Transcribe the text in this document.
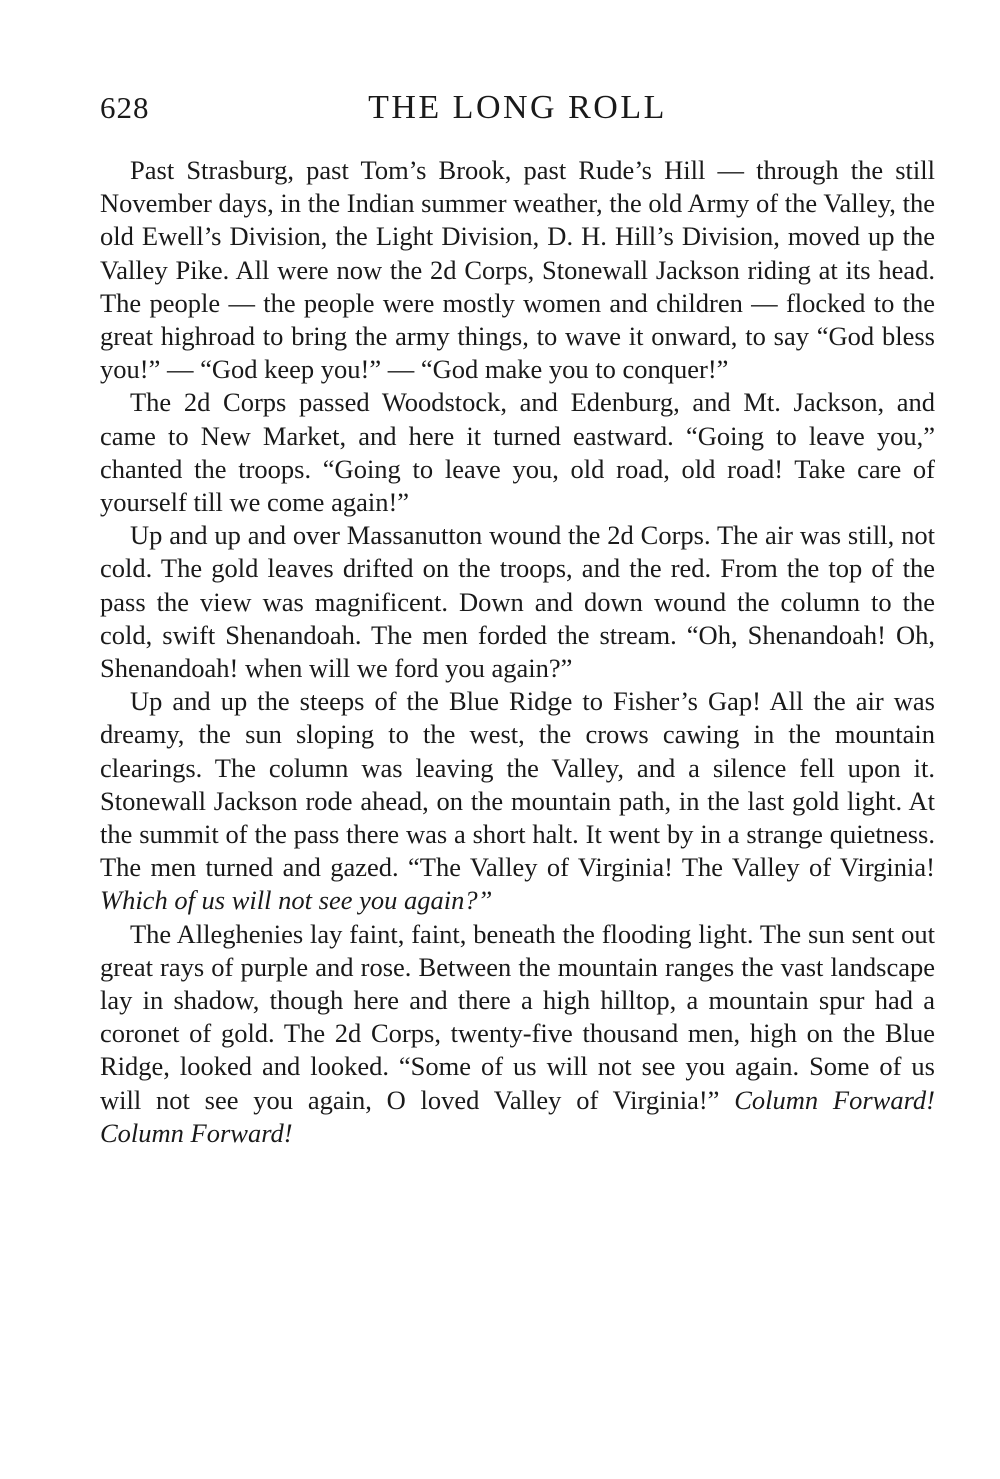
628	THE LONG ROLL

Past Strasburg, past Tom’s Brook, past Rude’s Hill — through the still November days, in the Indian summer weather, the old Army of the Valley, the old Ewell’s Division, the Light Division, D. H. Hill’s Division, moved up the Valley Pike. All were now the 2d Corps, Stonewall Jackson riding at its head. The people — the people were mostly women and children — flocked to the great highroad to bring the army things, to wave it onward, to say “God bless you!” — “God keep you!” — “God make you to conquer!”

The 2d Corps passed Woodstock, and Edenburg, and Mt. Jackson, and came to New Market, and here it turned eastward. “Going to leave you,” chanted the troops. “Going to leave you, old road, old road! Take care of yourself till we come again!”

Up and up and over Massanutton wound the 2d Corps. The air was still, not cold. The gold leaves drifted on the troops, and the red. From the top of the pass the view was magnificent. Down and down wound the column to the cold, swift Shenandoah. The men forded the stream. “Oh, Shenandoah! Oh, Shenandoah! when will we ford you again?”

Up and up the steeps of the Blue Ridge to Fisher’s Gap! All the air was dreamy, the sun sloping to the west, the crows cawing in the mountain clearings. The column was leaving the Valley, and a silence fell upon it. Stonewall Jackson rode ahead, on the mountain path, in the last gold light. At the summit of the pass there was a short halt. It went by in a strange quietness. The men turned and gazed. “The Valley of Virginia! The Valley of Virginia! Which of us will not see you again?”

The Alleghenies lay faint, faint, beneath the flooding light. The sun sent out great rays of purple and rose. Between the mountain ranges the vast landscape lay in shadow, though here and there a high hilltop, a mountain spur had a coronet of gold. The 2d Corps, twenty-five thousand men, high on the Blue Ridge, looked and looked. “Some of us will not see you again. Some of us will not see you again, O loved Valley of Virginia!” Column Forward! Column Forward!
